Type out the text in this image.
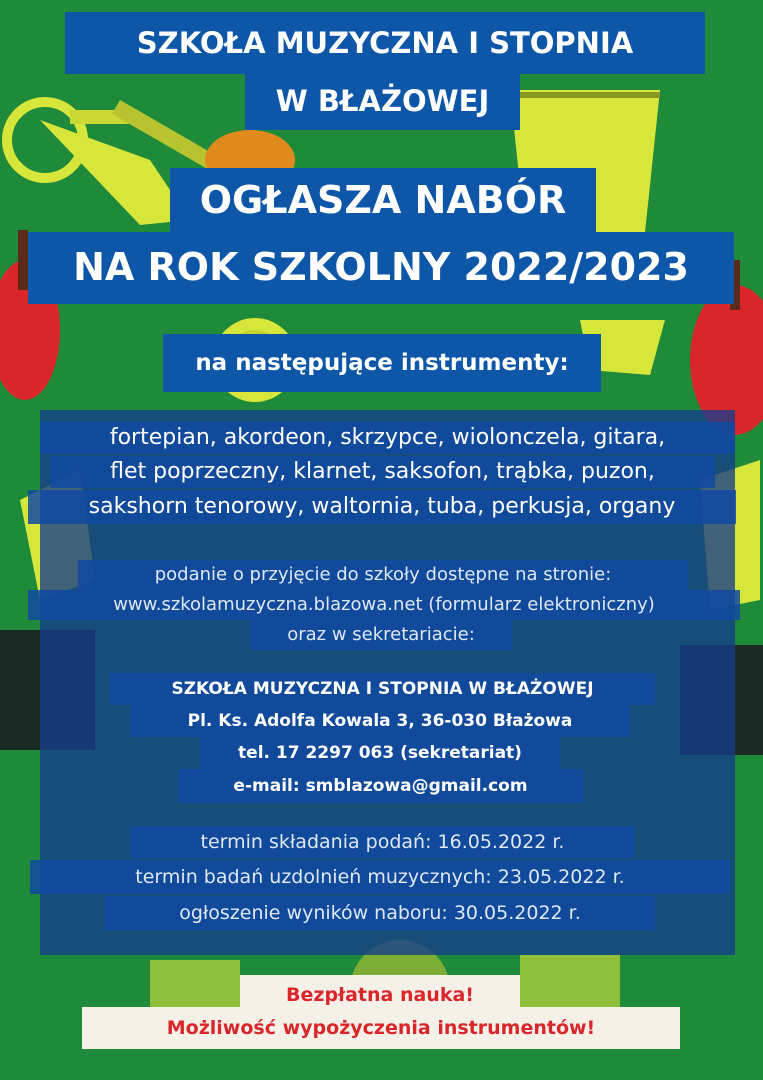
SZKOŁA MUZYCZNA I STOPNIA
W BŁAŻOWEJ
OGŁASZA NABÓR
NA ROK SZKOLNY 2022/2023
na następujące instrumenty:
fortepian, akordeon, skrzypce, wiolonczela, gitara,
flet poprzeczny, klarnet, saksofon, trąbka, puzon,
sakshorn tenorowy, waltornia, tuba, perkusja, organy
podanie o przyjęcie do szkoły dostępne na stronie:
www.szkolamuzyczna.blazowa.net (formularz elektroniczny)
oraz w sekretariacie:
SZKOŁA MUZYCZNA I STOPNIA W BŁAŻOWEJ
Pl. Ks. Adolfa Kowala 3, 36-030 Błażowa
tel. 17 2297 063 (sekretariat)
e-mail: smblazowa@gmail.com
termin składania podań: 16.05.2022 r.
termin badań uzdolnień muzycznych: 23.05.2022 r.
ogłoszenie wyników naboru: 30.05.2022 r.
Bezpłatna nauka!
Możliwość wypożyczenia instrumentów!
